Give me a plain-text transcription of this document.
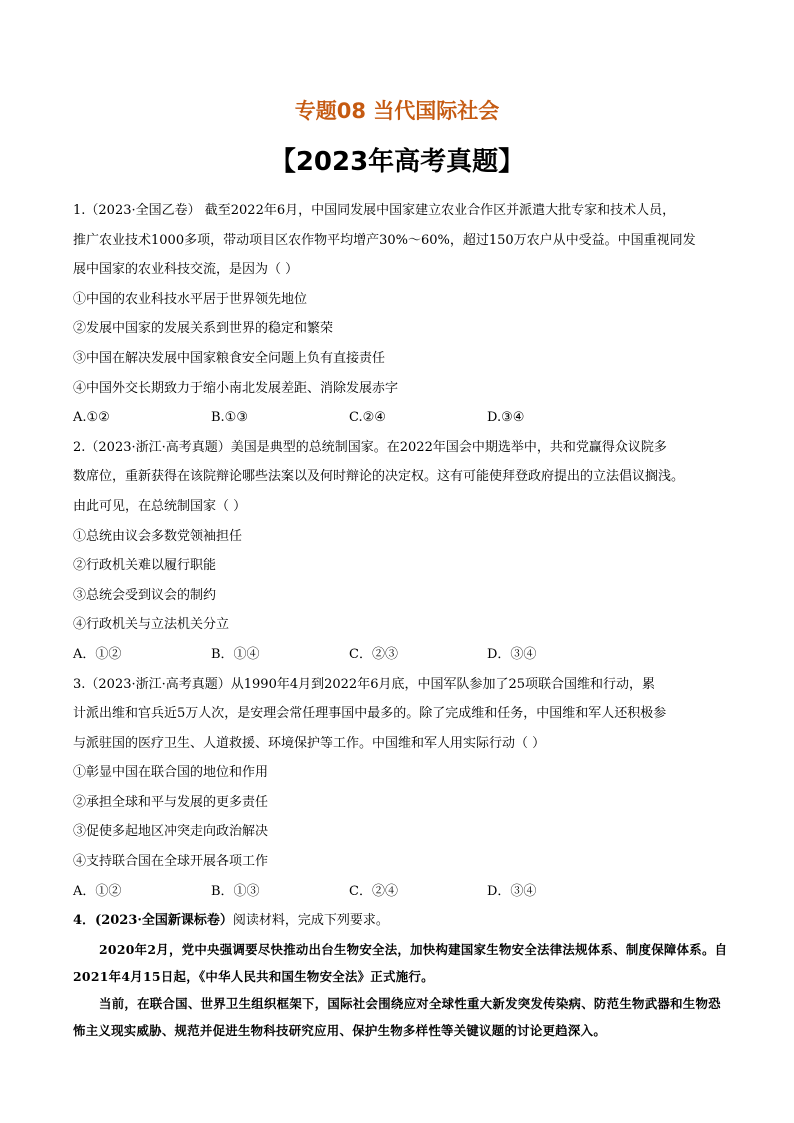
专题08 当代国际社会
【2023年高考真题】

1.（2023·全国乙卷） 截至2022年6月，中国同发展中国家建立农业合作区并派遣大批专家和技术人员，

推广农业技术1000多项，带动项目区农作物平均增产30%～60%，超过150万农户从中受益。中国重视同发

展中国家的农业科技交流，是因为（ ）

①中国的农业科技水平居于世界领先地位

②发展中国家的发展关系到世界的稳定和繁荣

③中国在解决发展中国家粮食安全问题上负有直接责任

④中国外交长期致力于缩小南北发展差距、消除发展赤字

A.①②	B.①③	C.②④	D.③④

2.（2023·浙江·高考真题）美国是典型的总统制国家。在2022年国会中期选举中，共和党赢得众议院多

数席位，重新获得在该院辩论哪些法案以及何时辩论的决定权。这有可能使拜登政府提出的立法倡议搁浅。

由此可见，在总统制国家（ ）

①总统由议会多数党领袖担任

②行政机关难以履行职能

③总统会受到议会的制约

④行政机关与立法机关分立

A．①②	B．①④	C．②③	D．③④

3.（2023·浙江·高考真题）从1990年4月到2022年6月底，中国军队参加了25项联合国维和行动，累

计派出维和官兵近5万人次，是安理会常任理事国中最多的。除了完成维和任务，中国维和军人还积极参

与派驻国的医疗卫生、人道救援、环境保护等工作。中国维和军人用实际行动（ ）

①彰显中国在联合国的地位和作用

②承担全球和平与发展的更多责任

③促使多起地区冲突走向政治解决

④支持联合国在全球开展各项工作

A．①②	B．①③	C．②④	D．③④

4．(2023·全国新课标卷）阅读材料，完成下列要求。

2020年2月，党中央强调要尽快推动出台生物安全法，加快构建国家生物安全法律法规体系、制度保障体系。自2021年4月15日起，《中华人民共和国生物安全法》正式施行。

当前，在联合国、世界卫生组织框架下，国际社会围绕应对全球性重大新发突发传染病、防范生物武器和生物恐怖主义现实威胁、规范并促进生物科技研究应用、保护生物多样性等关键议题的讨论更趋深入。
